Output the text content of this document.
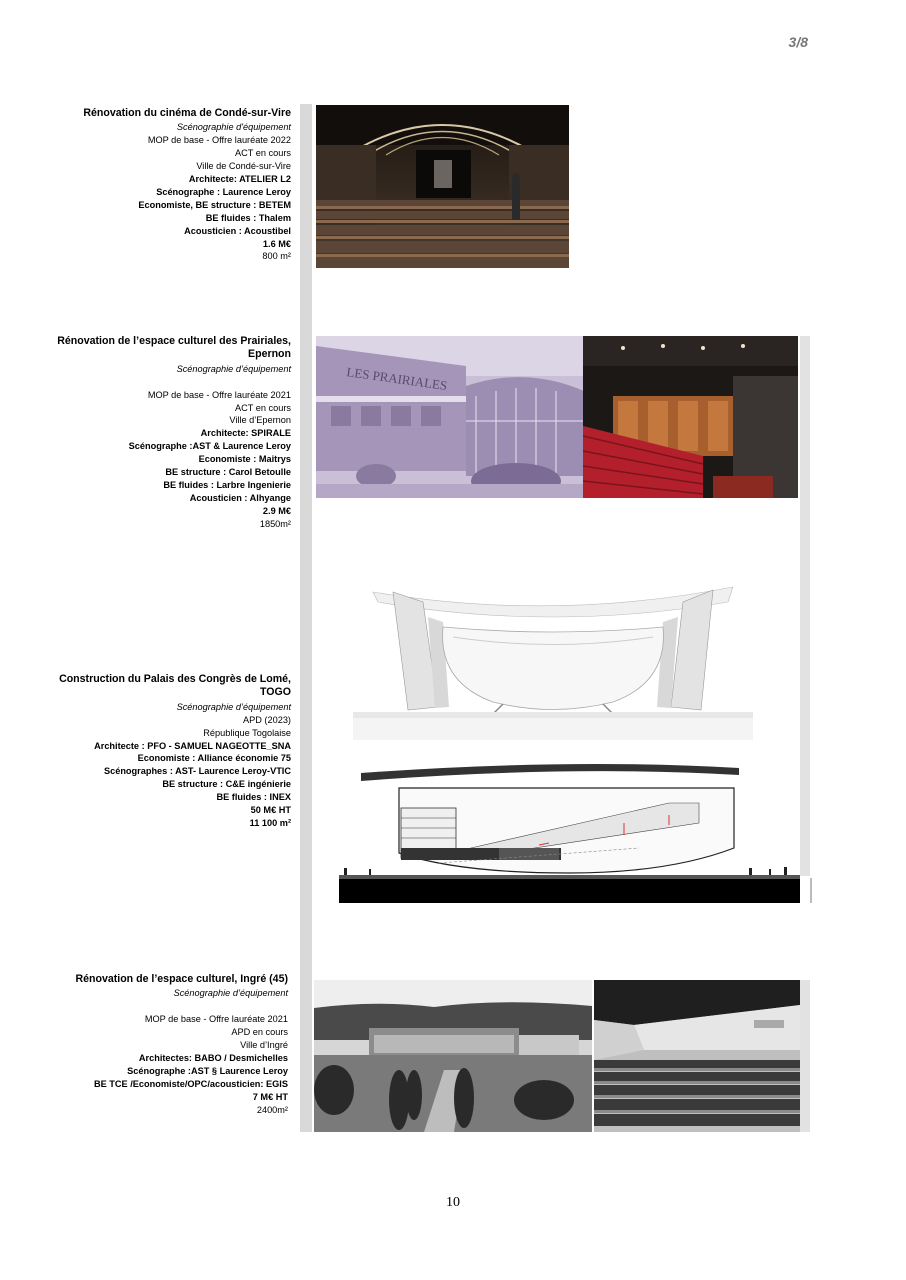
3/8
Rénovation du cinéma de Condé-sur-Vire
Scénographie d'équipement
MOP de base - Offre lauréate 2022
ACT en cours
Ville de Condé-sur-Vire
Architecte: ATELIER L2
Scénographe : Laurence Leroy
Economiste, BE structure : BETEM
BE fluides : Thalem
Acousticien : Acoustibel
1.6 M€
800 m²
Rénovation de l’espace culturel des Prairiales, Epernon
Scénographie d’équipement
MOP de base - Offre lauréate 2021
ACT en cours
Ville d’Epernon
Architecte: SPIRALE
Scénographe :AST & Laurence Leroy
Economiste : Maitrys
BE structure : Carol Betoulle
BE fluides : Larbre Ingenierie
Acousticien : Alhyange
2.9 M€
1850m²
Construction du Palais des Congrès de Lomé, TOGO
Scénographie d’équipement
APD (2023)
République Togolaise
Architecte : PFO - SAMUEL NAGEOTTE_SNA
Economiste : Alliance économie 75
Scénographes : AST- Laurence Leroy-VTIC
BE structure : C&E ingénierie
BE fluides : INEX
50 M€ HT
11 100 m²
Rénovation de l’espace culturel, Ingré (45)
Scénographie d’équipement
MOP de base - Offre lauréate 2021
APD en cours
Ville d’Ingré
Architectes: BABO / Desmichelles
Scénographe :AST § Laurence Leroy
BE TCE /Economiste/OPC/acousticien: EGIS
7 M€ HT
2400m²
LES PRAIRIALES
10
